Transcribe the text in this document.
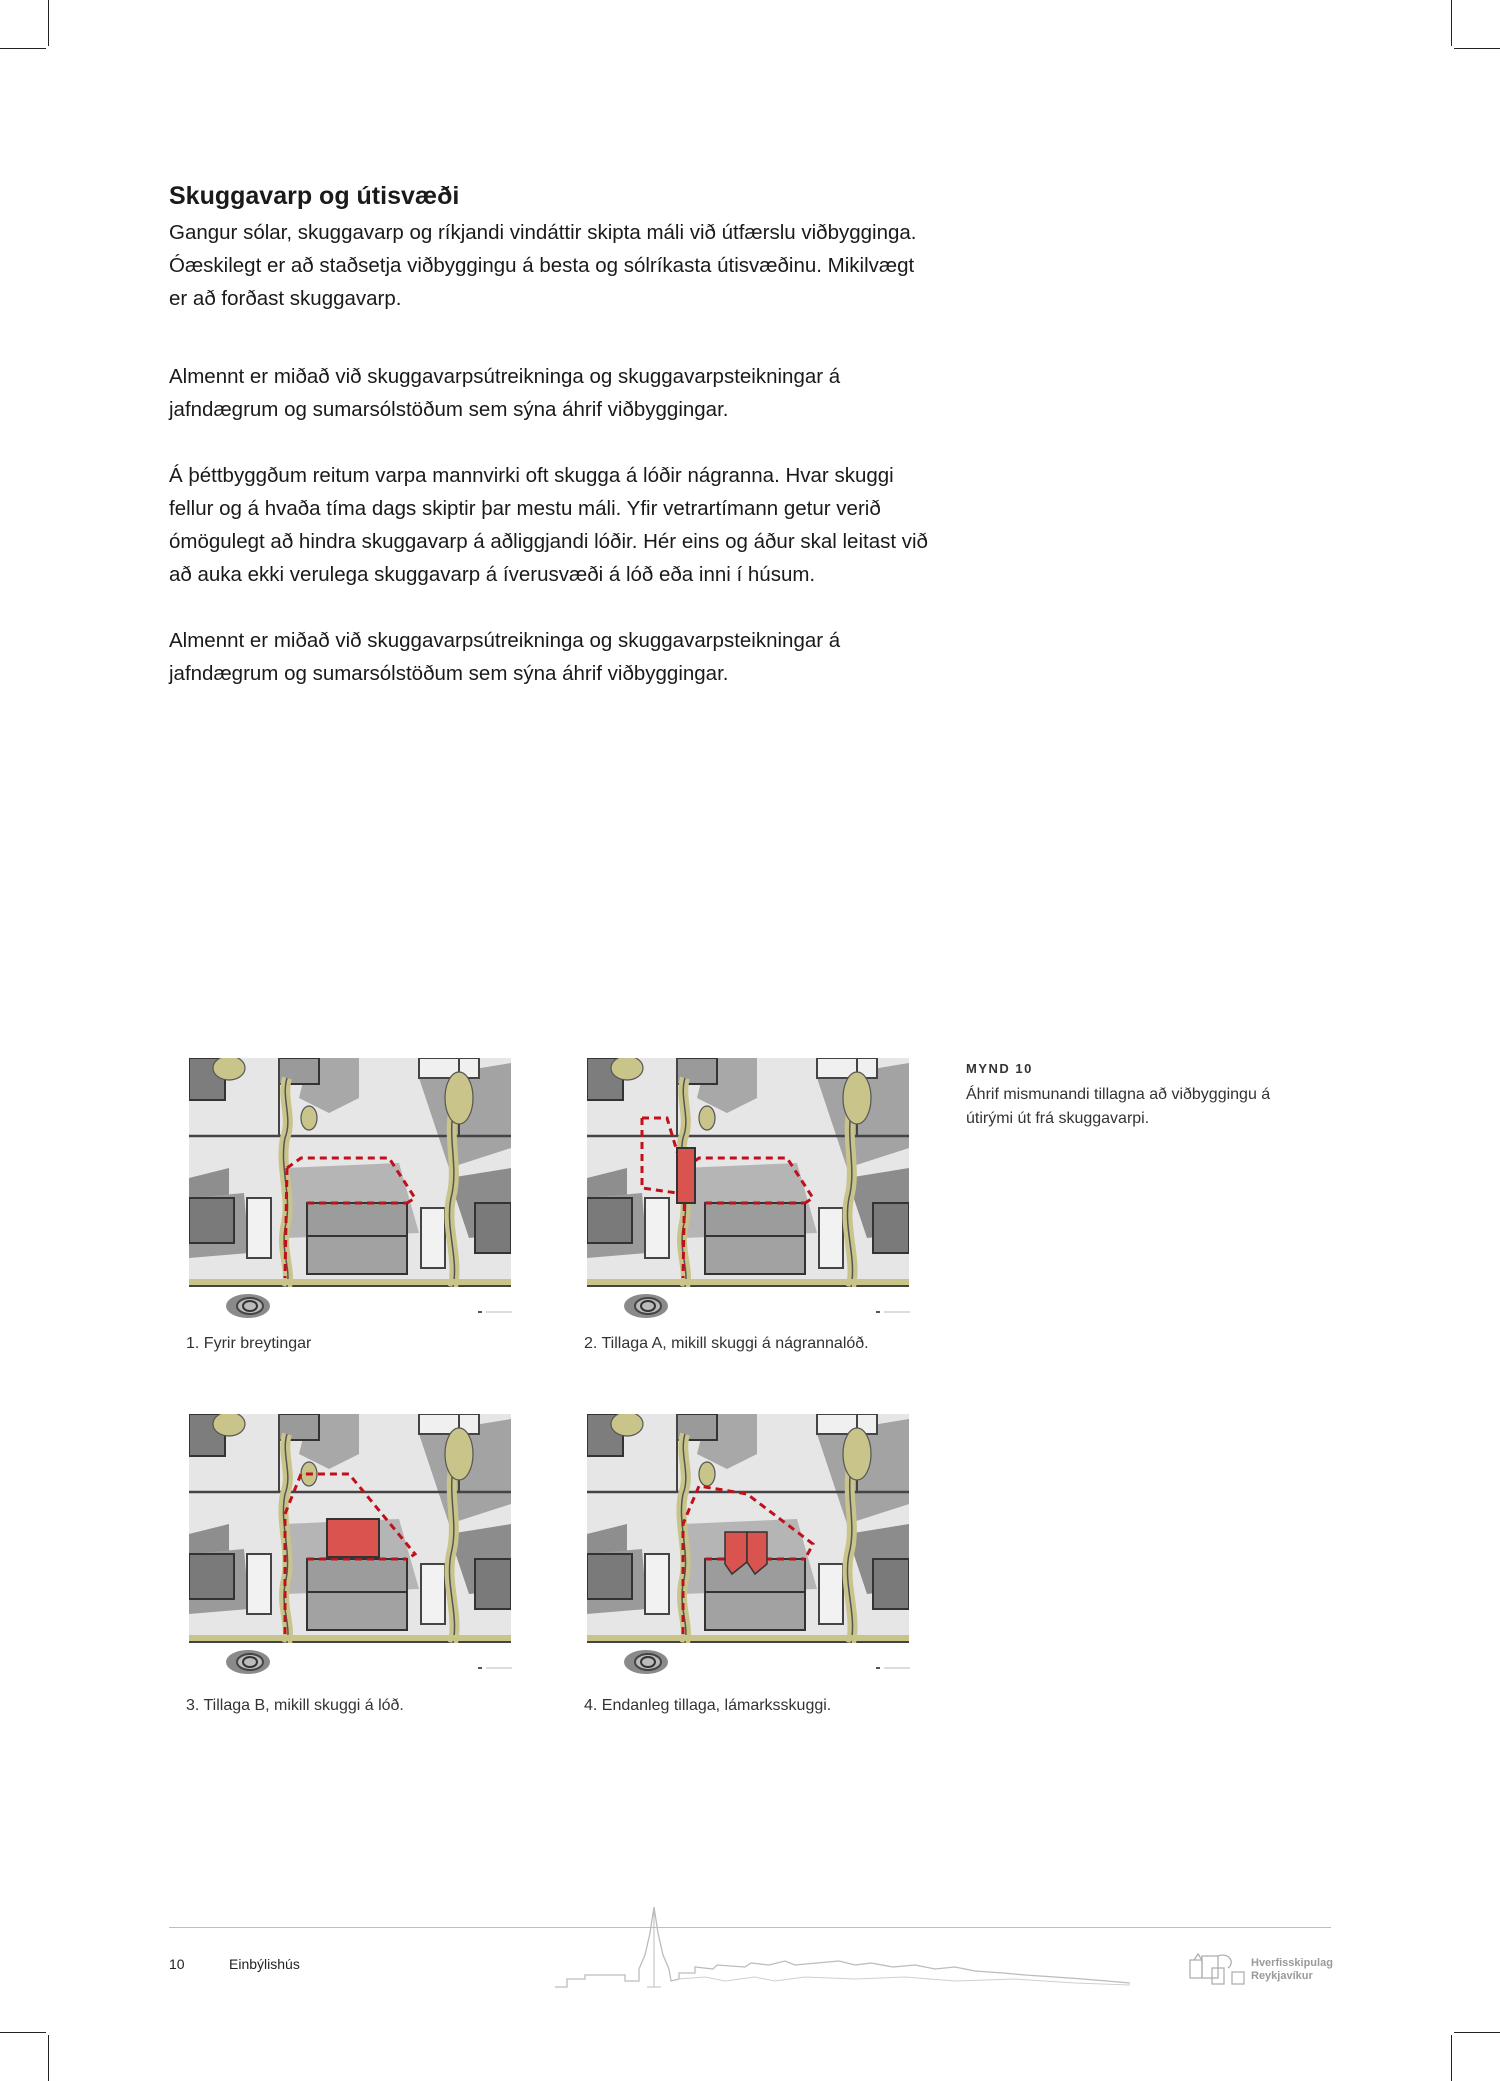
Skuggavarp og útisvæði

Gangur sólar, skuggavarp og ríkjandi vindáttir skipta máli við útfærslu viðbygginga. Óæskilegt er að staðsetja viðbyggingu á besta og sólríkasta útisvæðinu. Mikilvægt er að forðast skuggavarp.

Almennt er miðað við skuggavarpsútreikninga og skuggavarpsteikningar á jafndægrum og sumarsólstöðum sem sýna áhrif viðbyggingar.

Á þéttbyggðum reitum varpa mannvirki oft skugga á lóðir nágranna. Hvar skuggi fellur og á hvaða tíma dags skiptir þar mestu máli. Yfir vetrartímann getur verið ómögulegt að hindra skuggavarp á aðliggjandi lóðir. Hér eins og áður skal leitast við að auka ekki verulega skuggavarp á íverusvæði á lóð eða inni í húsum.

Almennt er miðað við skuggavarpsútreikninga og skuggavarpsteikningar á jafndægrum og sumarsólstöðum sem sýna áhrif viðbyggingar.

1. Fyrir breytingar	2. Tillaga A, mikill skuggi á nágrannalóð.
3. Tillaga B, mikill skuggi á lóð.	4. Endanleg tillaga, lámarksskuggi.
MYND 10
Áhrif mismunandi tillagna að viðbyggingu á útirými út frá skuggavarpi.
10	Einbýlishús	Hverfisskipulag
Reykjavíkur
